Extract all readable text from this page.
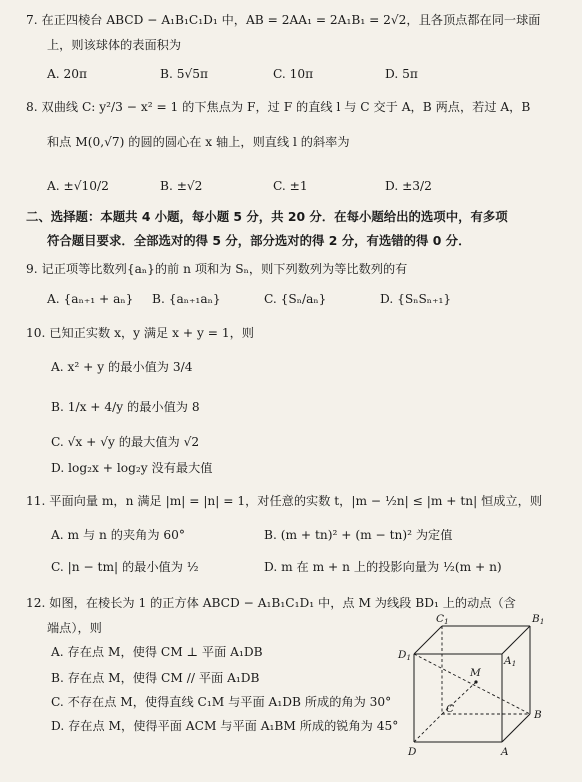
7. 在正四棱台 ABCD − A₁B₁C₁D₁ 中，AB = 2AA₁ = 2A₁B₁ = 2√2，且各顶点都在同一球面
上，则该球体的表面积为
A. 20π	B. 5√5π	C. 10π	D. 5π
8. 双曲线 C: y²/3 − x² = 1 的下焦点为 F，过 F 的直线 l 与 C 交于 A，B 两点，若过 A，B
和点 M(0,√7) 的圆的圆心在 x 轴上，则直线 l 的斜率为
A. ±√10/2	B. ±√2	C. ±1	D. ±3/2
二、选择题：本题共 4 小题，每小题 5 分，共 20 分．在每小题给出的选项中，有多项
符合题目要求．全部选对的得 5 分，部分选对的得 2 分，有选错的得 0 分．
9. 记正项等比数列{aₙ}的前 n 项和为 Sₙ，则下列数列为等比数列的有
A. {aₙ₊₁ + aₙ} B. {aₙ₊₁aₙ}	C. {Sₙ/aₙ}	D. {SₙSₙ₊₁}
10. 已知正实数 x，y 满足 x + y = 1，则
A. x² + y 的最小值为 3/4
B. 1/x + 4/y 的最小值为 8
C. √x + √y 的最大值为 √2
D. log₂x + log₂y 没有最大值
11. 平面向量 m，n 满足 |m| = |n| = 1，对任意的实数 t，|m − ½n| ≤ |m + tn| 恒成立，则
A. m 与 n 的夹角为 60°	B. (m + tn)² + (m − tn)² 为定值
C. |n − tm| 的最小值为 ½	D. m 在 m + n 上的投影向量为 ½(m + n)
12. 如图，在棱长为 1 的正方体 ABCD − A₁B₁C₁D₁ 中，点 M 为线段 BD₁ 上的动点（含
端点），则
A. 存在点 M，使得 CM ⊥ 平面 A₁DB
B. 存在点 M，使得 CM // 平面 A₁DB
C. 不存在点 M，使得直线 C₁M 与平面 A₁DB 所成的角为 30°
D. 存在点 M，使得平面 ACM 与平面 A₁BM 所成的锐角为 45°
C1	B1
D1	A1
M
C	B
D	A
